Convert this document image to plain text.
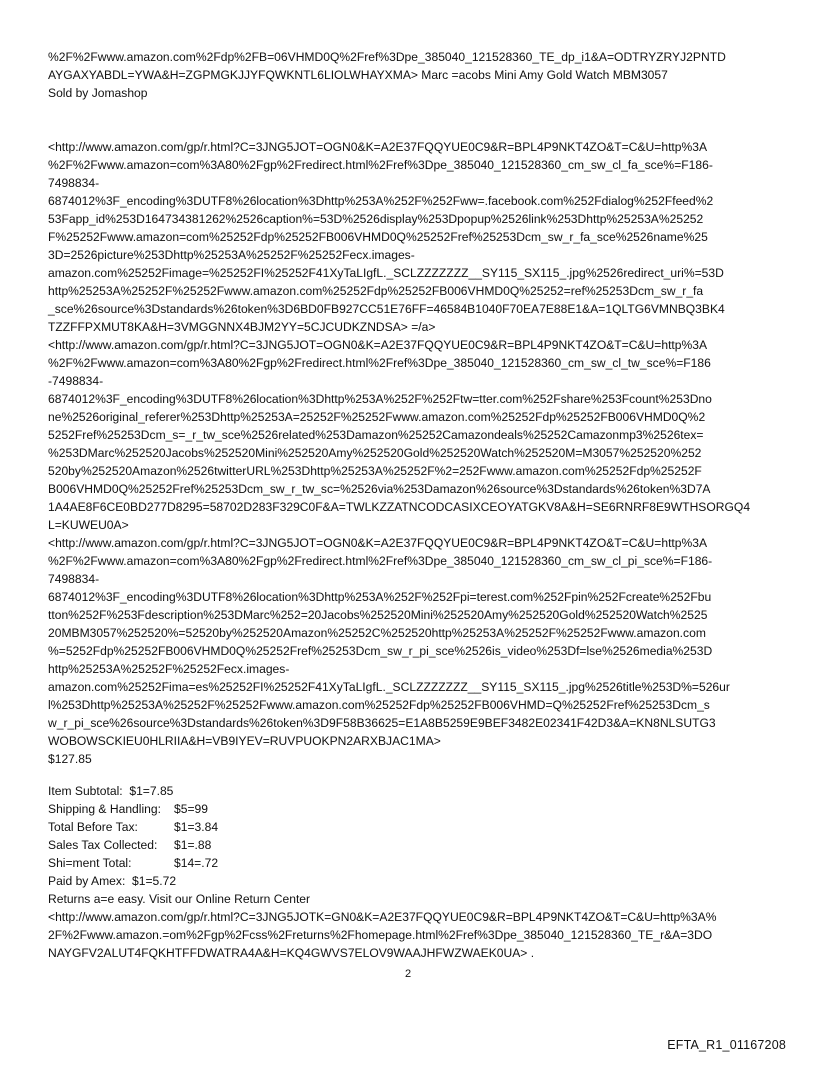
%2F%2Fwww.amazon.com%2Fdp%2FB=06VHMD0Q%2Fref%3Dpe_385040_121528360_TE_dp_i1&A=ODTRYZRYJ2PNTD
AYGAXYABDL=YWA&H=ZGPMGKJJYFQWKNTL6LIOLWHAYXMA> Marc =acobs Mini Amy Gold Watch MBM3057
Sold by Jomashop
<http://www.amazon.com/gp/r.html?C=3JNG5JOT=OGN0&K=A2E37FQQYUE0C9&R=BPL4P9NKT4ZO&T=C&U=http%3A
%2F%2Fwww.amazon=com%3A80%2Fgp%2Fredirect.html%2Fref%3Dpe_385040_121528360_cm_sw_cl_fa_sce%=F186-
7498834-
6874012%3F_encoding%3DUTF8%26location%3Dhttp%253A%252F%252Fww=.facebook.com%252Fdialog%252Ffeed%2
53Fapp_id%253D164734381262%2526caption%=53D%2526display%253Dpopup%2526link%253Dhttp%25253A%25252
F%25252Fwww.amazon=com%25252Fdp%25252FB006VHMD0Q%25252Fref%25253Dcm_sw_r_fa_sce%2526name%25
3D=2526picture%253Dhttp%25253A%25252F%25252Fecx.images-
amazon.com%25252Fimage=%25252FI%25252F41XyTaLIgfL._SCLZZZZZZZ__SY115_SX115_.jpg%2526redirect_uri%=53D
http%25253A%25252F%25252Fwww.amazon.com%25252Fdp%25252FB006VHMD0Q%25252=ref%25253Dcm_sw_r_fa
_sce%26source%3Dstandards%26token%3D6BD0FB927CC51E76FF=46584B1040F70EA7E88E1&A=1QLTG6VMNBQ3BK4
TZZFFPXMUT8KA&H=3VMGGNNX4BJM2YY=5CJCUDKZNDSA> =/a>
<http://www.amazon.com/gp/r.html?C=3JNG5JOT=OGN0&K=A2E37FQQYUE0C9&R=BPL4P9NKT4ZO&T=C&U=http%3A
%2F%2Fwww.amazon=com%3A80%2Fgp%2Fredirect.html%2Fref%3Dpe_385040_121528360_cm_sw_cl_tw_sce%=F186
-7498834-
6874012%3F_encoding%3DUTF8%26location%3Dhttp%253A%252F%252Ftw=tter.com%252Fshare%253Fcount%253Dno
ne%2526original_referer%253Dhttp%25253A=25252F%25252Fwww.amazon.com%25252Fdp%25252FB006VHMD0Q%2
5252Fref%25253Dcm_s=_r_tw_sce%2526related%253Damazon%25252Camazondeals%25252Camazonmp3%2526tex=
%253DMarc%252520Jacobs%252520Mini%252520Amy%252520Gold%252520Watch%252520M=M3057%252520%252
520by%252520Amazon%2526twitterURL%253Dhttp%25253A%25252F%2=252Fwww.amazon.com%25252Fdp%25252F
B006VHMD0Q%25252Fref%25253Dcm_sw_r_tw_sc=%2526via%253Damazon%26source%3Dstandards%26token%3D7A
1A4AE8F6CE0BD277D8295=58702D283F329C0F&A=TWLKZZATNCODCASIXCEOYATGKV8A&H=SE6RNRF8E9WTHSORGQ4
L=KUWEU0A>
<http://www.amazon.com/gp/r.html?C=3JNG5JOT=OGN0&K=A2E37FQQYUE0C9&R=BPL4P9NKT4ZO&T=C&U=http%3A
%2F%2Fwww.amazon=com%3A80%2Fgp%2Fredirect.html%2Fref%3Dpe_385040_121528360_cm_sw_cl_pi_sce%=F186-
7498834-
6874012%3F_encoding%3DUTF8%26location%3Dhttp%253A%252F%252Fpi=terest.com%252Fpin%252Fcreate%252Fbu
tton%252F%253Fdescription%253DMarc%252=20Jacobs%252520Mini%252520Amy%252520Gold%252520Watch%2525
20MBM3057%252520%=52520by%252520Amazon%25252C%252520http%25253A%25252F%25252Fwww.amazon.com
%=5252Fdp%25252FB006VHMD0Q%25252Fref%25253Dcm_sw_r_pi_sce%2526is_video%253Df=lse%2526media%253D
http%25253A%25252F%25252Fecx.images-
amazon.com%25252Fima=es%25252FI%25252F41XyTaLIgfL._SCLZZZZZZZ__SY115_SX115_.jpg%2526title%253D%=526ur
l%253Dhttp%25253A%25252F%25252Fwww.amazon.com%25252Fdp%25252FB006VHMD=Q%25252Fref%25253Dcm_s
w_r_pi_sce%26source%3Dstandards%26token%3D9F58B36625=E1A8B5259E9BEF3482E02341F42D3&A=KN8NLSUTG3
WOBOWSCKIEU0HLRIIA&H=VB9IYEV=RUVPUOKPN2ARXBJAC1MA>
$127.85
Item Subtotal: $1=7.85
Shipping & Handling: $5=99
Total Before Tax:	$1=3.84
Sales Tax Collected: $1=.88
Shi=ment Total:	$14=.72
Paid by Amex: $1=5.72
Returns a=e easy. Visit our Online Return Center
<http://www.amazon.com/gp/r.html?C=3JNG5JOTK=GN0&K=A2E37FQQYUE0C9&R=BPL4P9NKT4ZO&T=C&U=http%3A%
2F%2Fwww.amazon.=om%2Fgp%2Fcss%2Freturns%2Fhomepage.html%2Fref%3Dpe_385040_121528360_TE_r&A=3DO
NAYGFV2ALUT4FQKHTFFDWATRA4A&H=KQ4GWVS7ELOV9WAAJHFWZWAEK0UA> .
2
EFTA_R1_01167208
